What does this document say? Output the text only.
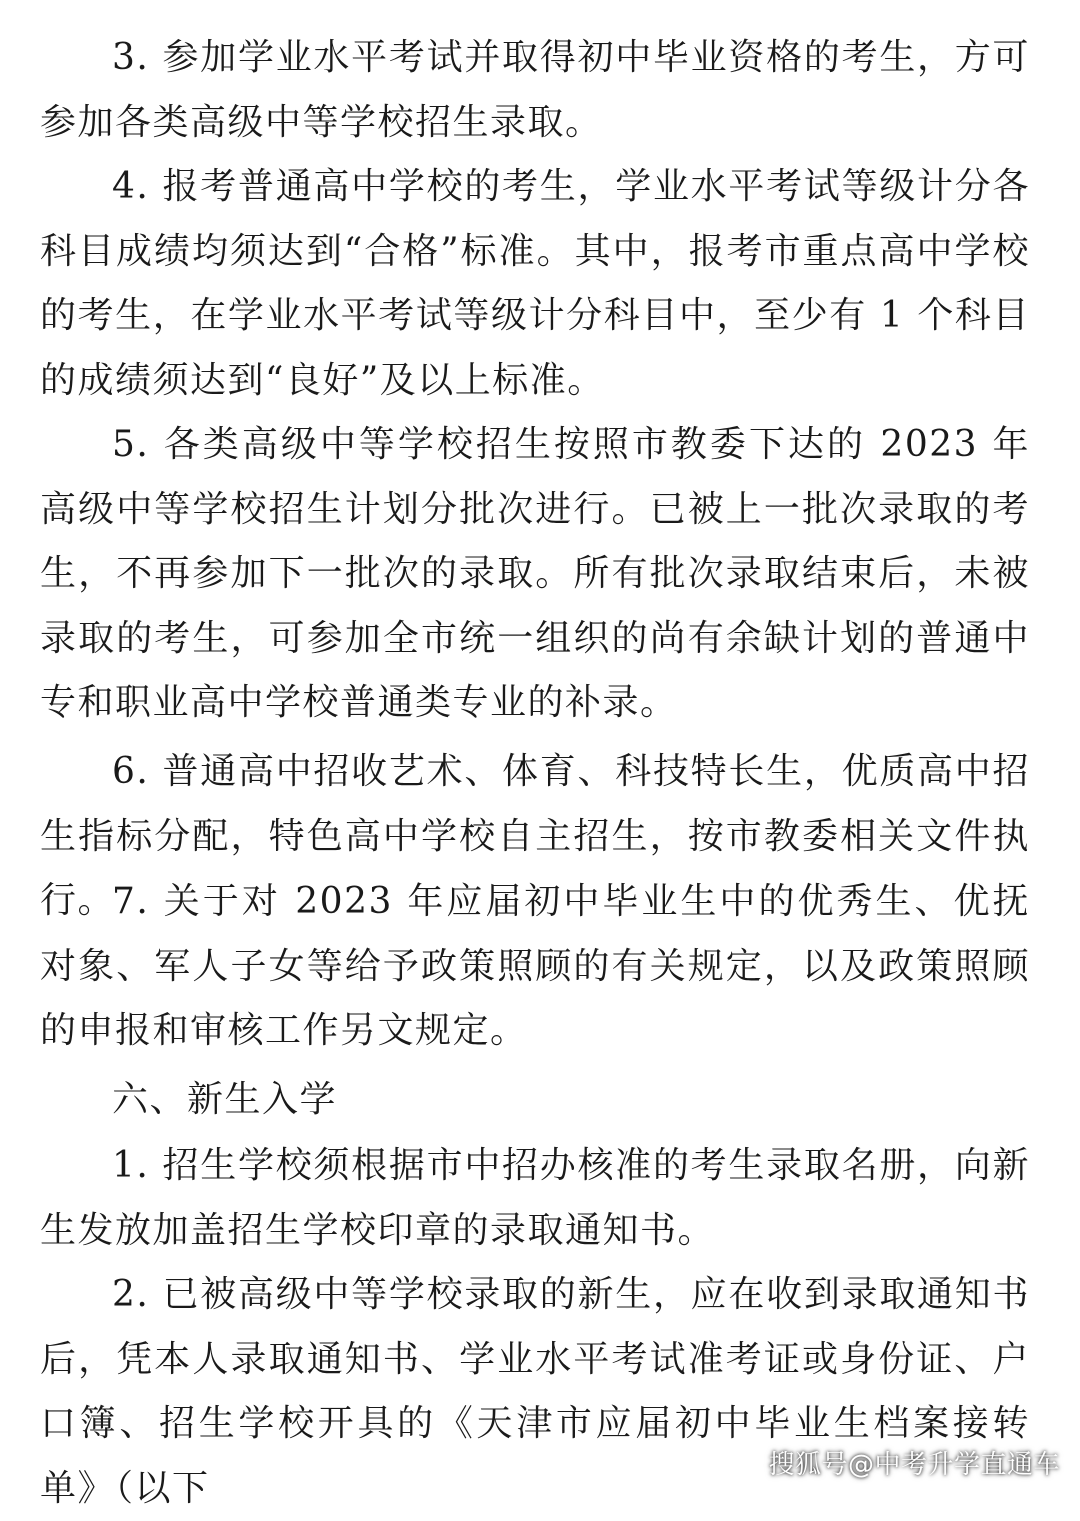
3. 参加学业水平考试并取得初中毕业资格的考生，方可参加各类高级中等学校招生录取。

4. 报考普通高中学校的考生，学业水平考试等级计分各科目成绩均须达到“合格”标准。其中，报考市重点高中学校的考生，在学业水平考试等级计分科目中，至少有 1 个科目的成绩须达到“良好”及以上标准。

5. 各类高级中等学校招生按照市教委下达的 2023 年高级中等学校招生计划分批次进行。已被上一批次录取的考生，不再参加下一批次的录取。所有批次录取结束后，未被录取的考生，可参加全市统一组织的尚有余缺计划的普通中专和职业高中学校普通类专业的补录。

6. 普通高中招收艺术、体育、科技特长生，优质高中招生指标分配，特色高中学校自主招生，按市教委相关文件执行。

7. 关于对 2023 年应届初中毕业生中的优秀生、优抚对象、军人子女等给予政策照顾的有关规定，以及政策照顾的申报和审核工作另文规定。

六、新生入学

1. 招生学校须根据市中招办核准的考生录取名册，向新生发放加盖招生学校印章的录取通知书。

2. 已被高级中等学校录取的新生，应在收到录取通知书后，凭本人录取通知书、学业水平考试准考证或身份证、户口簿、招生学校开具的《天津市应届初中毕业生档案接转单》（以下

搜狐号@中考升学直通车
